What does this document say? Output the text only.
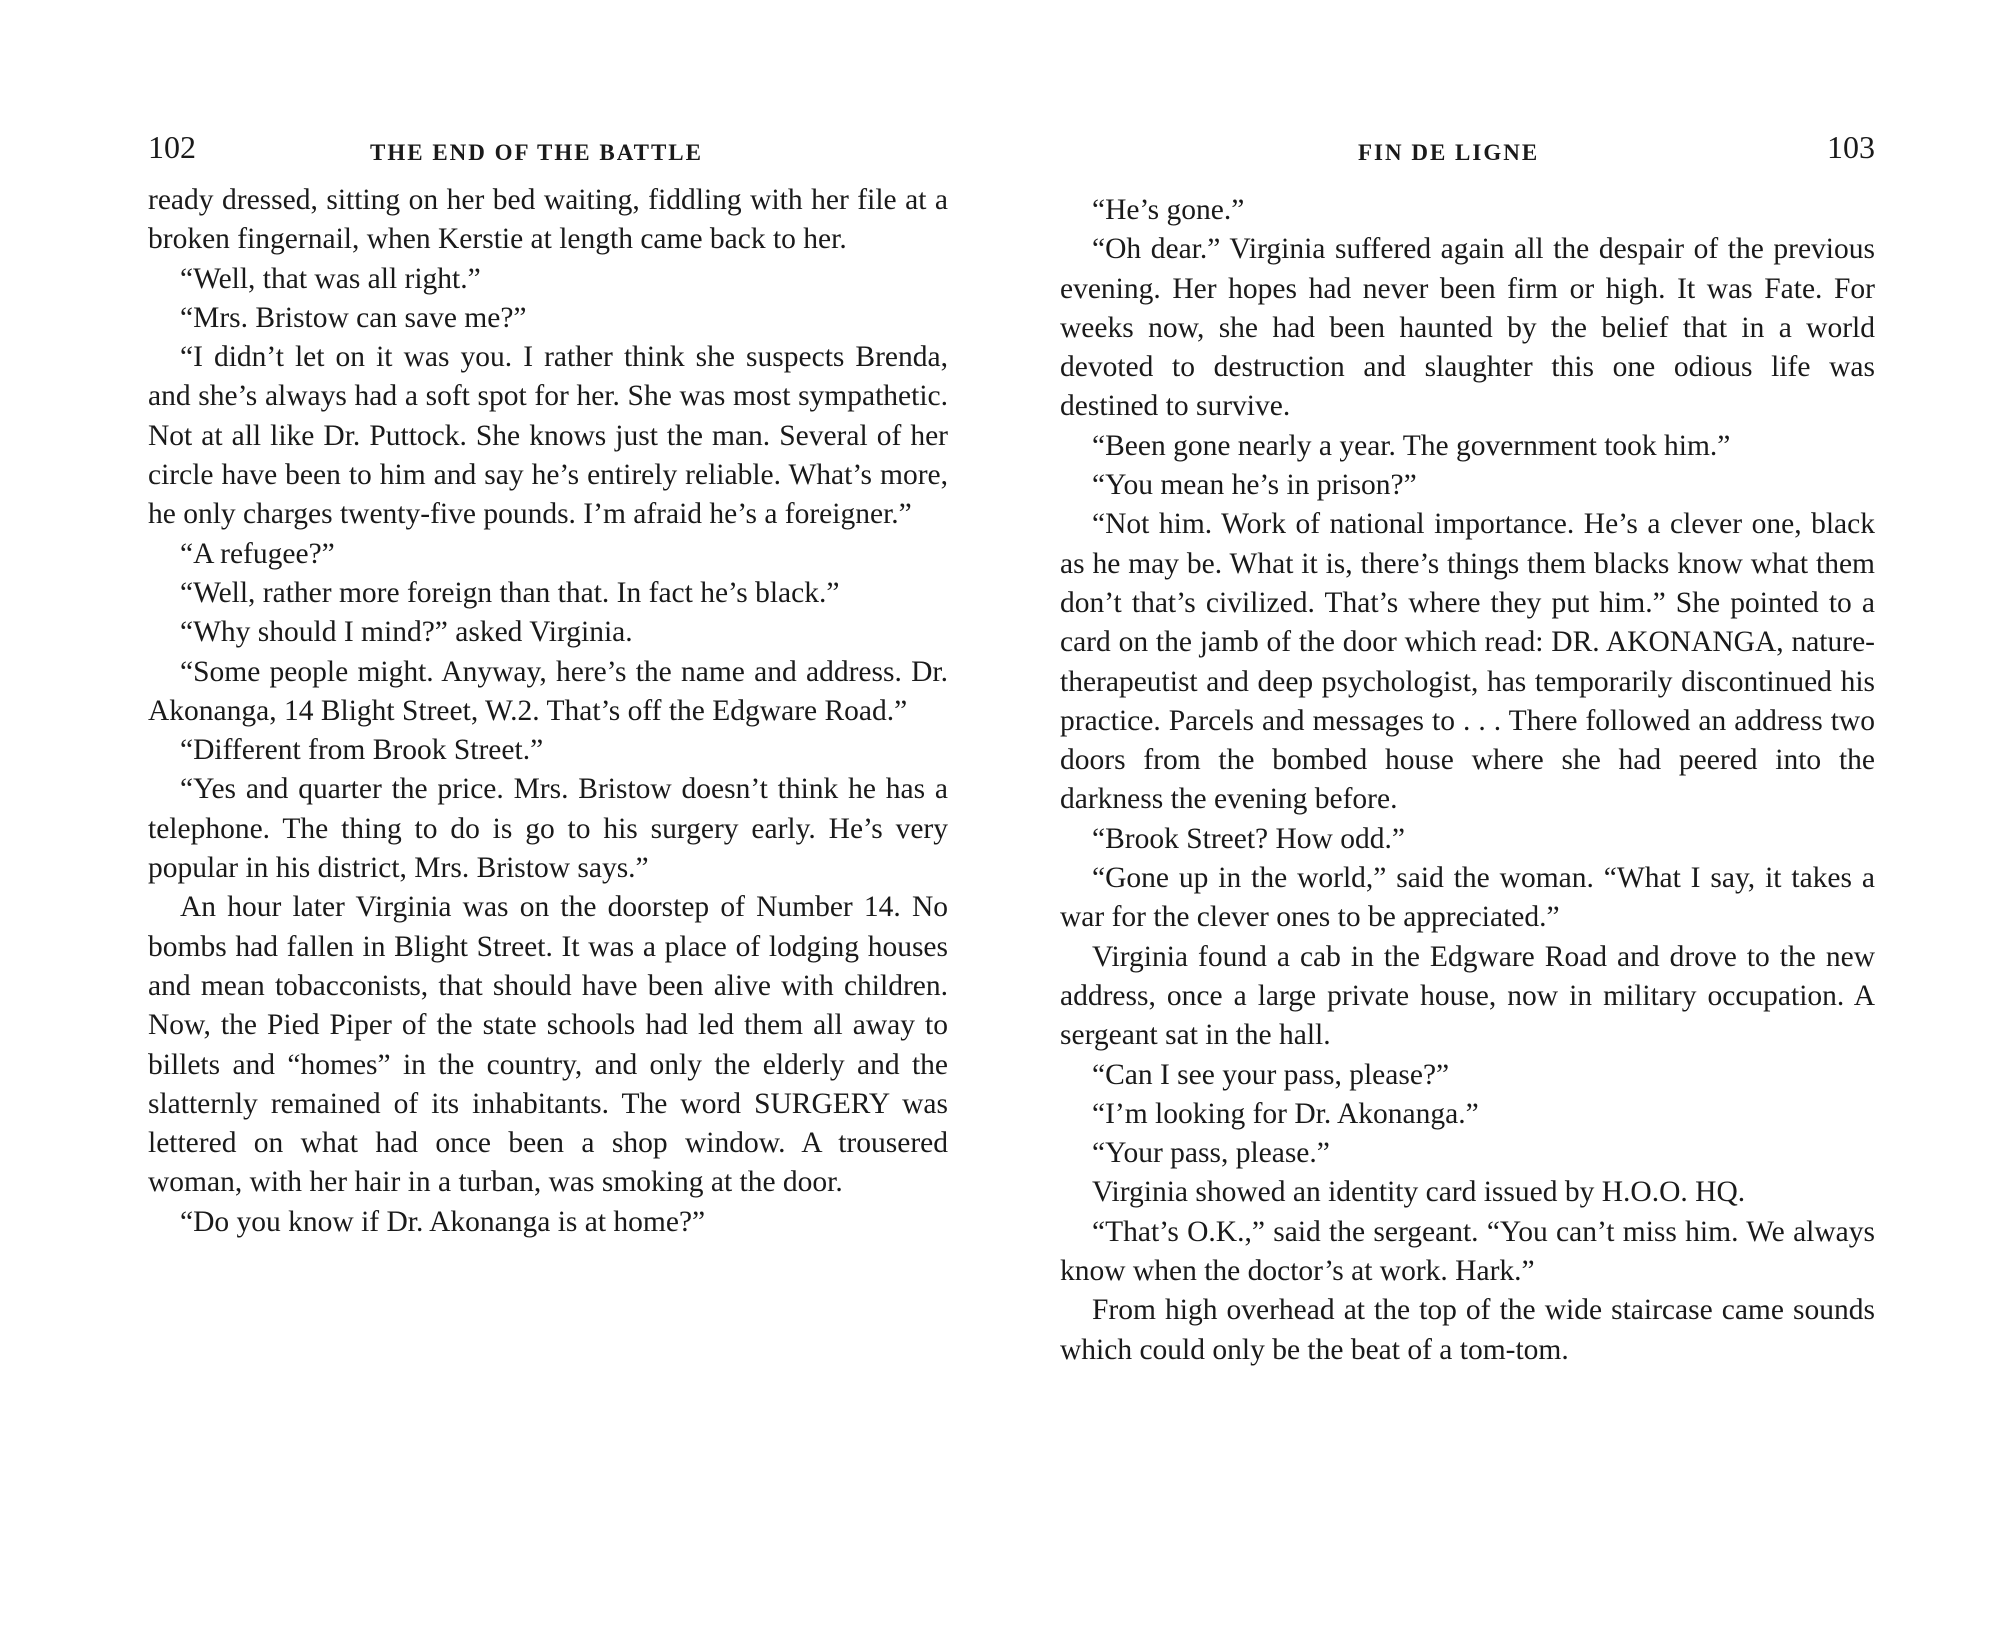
102	THE END OF THE BATTLE

ready dressed, sitting on her bed waiting, fiddling with her file at a broken fingernail, when Kerstie at length came back to her.

“Well, that was all right.”

“Mrs. Bristow can save me?”

“I didn’t let on it was you. I rather think she suspects Brenda, and she’s always had a soft spot for her. She was most sympathetic. Not at all like Dr. Puttock. She knows just the man. Several of her circle have been to him and say he’s entirely reliable. What’s more, he only charges twenty-five pounds. I’m afraid he’s a foreigner.”

“A refugee?”

“Well, rather more foreign than that. In fact he’s black.”

“Why should I mind?” asked Virginia.

“Some people might. Anyway, here’s the name and address. Dr. Akonanga, 14 Blight Street, W.2. That’s off the Edgware Road.”

“Different from Brook Street.”

“Yes and quarter the price. Mrs. Bristow doesn’t think he has a telephone. The thing to do is go to his surgery early. He’s very popular in his district, Mrs. Bristow says.”

An hour later Virginia was on the doorstep of Number 14. No bombs had fallen in Blight Street. It was a place of lodging houses and mean tobacconists, that should have been alive with children. Now, the Pied Piper of the state schools had led them all away to billets and “homes” in the country, and only the elderly and the slatternly remained of its inhabitants. The word SURGERY was lettered on what had once been a shop window. A trousered woman, with her hair in a turban, was smoking at the door.

“Do you know if Dr. Akonanga is at home?”

FIN DE LIGNE	103

“He’s gone.”

“Oh dear.” Virginia suffered again all the despair of the previous evening. Her hopes had never been firm or high. It was Fate. For weeks now, she had been haunted by the belief that in a world devoted to destruction and slaughter this one odious life was destined to survive.

“Been gone nearly a year. The government took him.”

“You mean he’s in prison?”

“Not him. Work of national importance. He’s a clever one, black as he may be. What it is, there’s things them blacks know what them don’t that’s civilized. That’s where they put him.” She pointed to a card on the jamb of the door which read: DR. AKONANGA, nature-therapeutist and deep psychologist, has temporarily discontinued his practice. Parcels and messages to . . . There followed an address two doors from the bombed house where she had peered into the darkness the evening before.

“Brook Street? How odd.”

“Gone up in the world,” said the woman. “What I say, it takes a war for the clever ones to be appreciated.”

Virginia found a cab in the Edgware Road and drove to the new address, once a large private house, now in military occupation. A sergeant sat in the hall.

“Can I see your pass, please?”

“I’m looking for Dr. Akonanga.”

“Your pass, please.”

Virginia showed an identity card issued by H.O.O. HQ.

“That’s O.K.,” said the sergeant. “You can’t miss him. We always know when the doctor’s at work. Hark.”

From high overhead at the top of the wide staircase came sounds which could only be the beat of a tom-tom.
